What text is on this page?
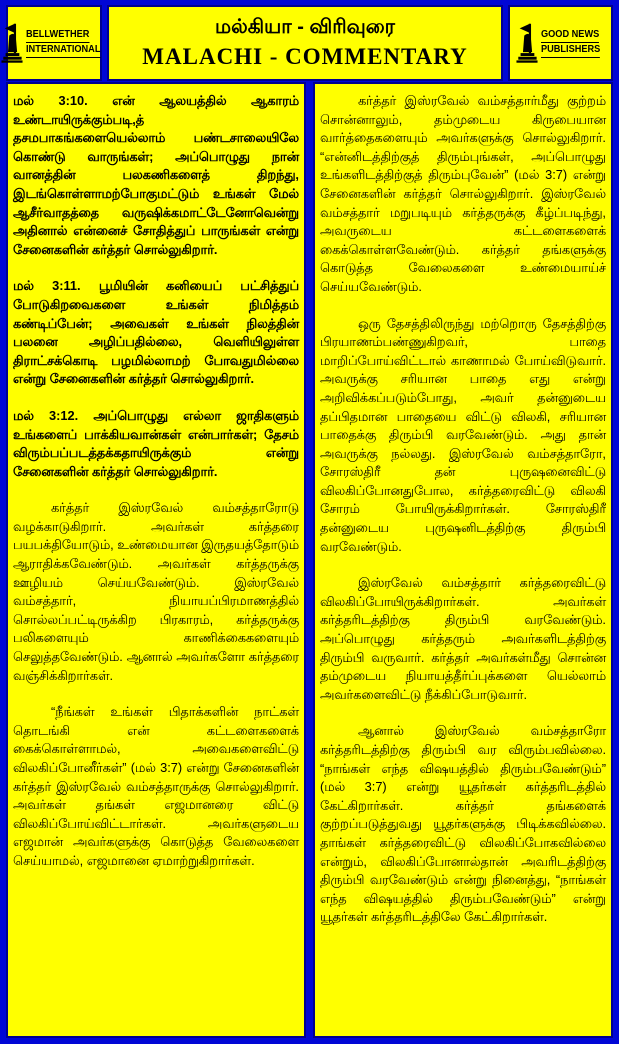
BELLWETHER
INTERNATIONAL
மல்கியா - விரிவுரை
MALACHI - COMMENTARY
GOOD NEWS
PUBLISHERS

மல் 3:10. என் ஆலயத்தில் ஆகாரம் உண்டாயிருக்கும்படி,த் தசமபாகங்களையெல்லாம் பண்டசாலையிலே கொண்டு வாருங்கள்; அப்பொழுது நான் வானத்தின் பலகணிகளைத் திறந்து, இடங்கொள்ளாமற்போகுமட்டும் உங்கள் மேல் ஆசீர்வாதத்தை வருஷிக்கமாட்டேனோவென்று அதினால் என்னைச் சோதித்துப் பாருங்கள் என்று சேனைகளின் கர்த்தர் சொல்லுகிறார்.

மல் 3:11. பூமியின் கனியைப் பட்சித்துப் போடுகிறவைகளை உங்கள் நிமித்தம் கண்டிப்பேன்; அவைகள் உங்கள் நிலத்தின் பலனை அழிப்பதில்லை, வெளியிலுள்ள திராட்சக்கொடி பழமில்லாமற் போவதுமில்லை என்று சேனைகளின் கர்த்தர் சொல்லுகிறார்.

மல் 3:12. அப்பொழுது எல்லா ஜாதிகளும் உங்களைப் பாக்கியவான்கள் என்பார்கள்; தேசம் விரும்பப்படத்தக்கதாயிருக்கும் என்று சேனைகளின் கர்த்தர் சொல்லுகிறார்.

கர்த்தர் இஸ்ரவேல் வம்சத்தாரோடு வழக்காடுகிறார். அவர்கள் கர்த்தரை பயபக்தியோடும், உண்மையான இருதயத்தோடும் ஆராதிக்கவேண்டும். அவர்கள் கர்த்தருக்கு ஊழியம் செய்யவேண்டும். இஸ்ரவேல் வம்சத்தார், நியாயப்பிரமாணத்தில் சொல்லப்பட்டிருக்கிற பிரகாரம், கர்த்தருக்கு பலிகளையும் காணிக்கைகளையும் செலுத்தவேண்டும். ஆனால் அவர்களோ கர்த்தரை வஞ்சிக்கிறார்கள்.

“நீங்கள் உங்கள் பிதாக்களின் நாட்கள் தொடங்கி என் கட்டளைகளைக் கைக்கொள்ளாமல், அவைகளைவிட்டு விலகிப்போனீர்கள்” (மல் 3:7) என்று சேனைகளின் கர்த்தர் இஸ்ரவேல் வம்சத்தாருக்கு சொல்லுகிறார். அவர்கள் தங்கள் எஜமானரை விட்டு விலகிப்போய்விட்டார்கள். அவர்களுடைய எஜமான் அவர்களுக்கு கொடுத்த வேலைகளை செய்யாமல், எஜமானை ஏமாற்றுகிறார்கள்.

கர்த்தர் இஸ்ரவேல் வம்சத்தார்மீது குற்றம் சொன்னாலும், தம்முடைய கிருபையான வார்த்தைகளையும் அவர்களுக்கு சொல்லுகிறார். “என்னிடத்திற்குத் திரும்புங்கள், அப்பொழுது உங்களிடத்திற்குத் திரும்புவேன்” (மல் 3:7) என்று சேனைகளின் கர்த்தர் சொல்லுகிறார். இஸ்ரவேல் வம்சத்தார் மறுபடியும் கர்த்தருக்கு கீழ்ப்படிந்து, அவருடைய கட்டளைகளைக் கைக்கொள்ளவேண்டும். கர்த்தர் தங்களுக்கு கொடுத்த வேலைகளை உண்மையாய்ச் செய்யவேண்டும்.

ஒரு தேசத்திலிருந்து மற்றொரு தேசத்திற்கு பிரயாணம்பண்ணுகிறவர், பாதை மாறிப்போய்விட்டால் காணாமல் போய்விடுவார். அவருக்கு சரியான பாதை எது என்று அறிவிக்கப்படும்போது, அவர் தன்னுடைய தப்பிதமான பாதையை விட்டு விலகி, சரியான பாதைக்கு திரும்பி வரவேண்டும். அது தான் அவருக்கு நல்லது. இஸ்ரவேல் வம்சத்தாரோ, சோரஸ்திரீ தன் புருஷனைவிட்டு விலகிப்போனதுபோல, கர்த்தரைவிட்டு விலகி சோரம் போயிருக்கிறார்கள். சோரஸ்திரீ தன்னுடைய புருஷனிடத்திற்கு திரும்பி வரவேண்டும்.

இஸ்ரவேல் வம்சத்தார் கர்த்தரைவிட்டு விலகிப்போயிருக்கிறார்கள். அவர்கள் கர்த்தரிடத்திற்கு திரும்பி வரவேண்டும். அப்பொழுது கர்த்தரும் அவர்களிடத்திற்கு திரும்பி வருவார். கர்த்தர் அவர்கள்மீது சொன்ன தம்முடைய நியாயத்தீர்ப்புக்களை யெல்லாம் அவர்களைவிட்டு நீக்கிப்போடுவார்.

ஆனால் இஸ்ரவேல் வம்சத்தாரோ கர்த்தரிடத்திற்கு திரும்பி வர விரும்பவில்லை. “நாங்கள் எந்த விஷயத்தில் திரும்பவேண்டும்” (மல் 3:7) என்று யூதர்கள் கர்த்தரிடத்தில் கேட்கிறார்கள். கர்த்தர் தங்களைக் குற்றப்படுத்துவது யூதர்களுக்கு பிடிக்கவில்லை. தாங்கள் கர்த்தரைவிட்டு விலகிப்போகவில்லை என்றும், விலகிப்போனால்தான் அவரிடத்திற்கு திரும்பி வரவேண்டும் என்று நினைத்து, “நாங்கள் எந்த விஷயத்தில் திரும்பவேண்டும்” என்று யூதர்கள் கர்த்தரிடத்திலே கேட்கிறார்கள்.
